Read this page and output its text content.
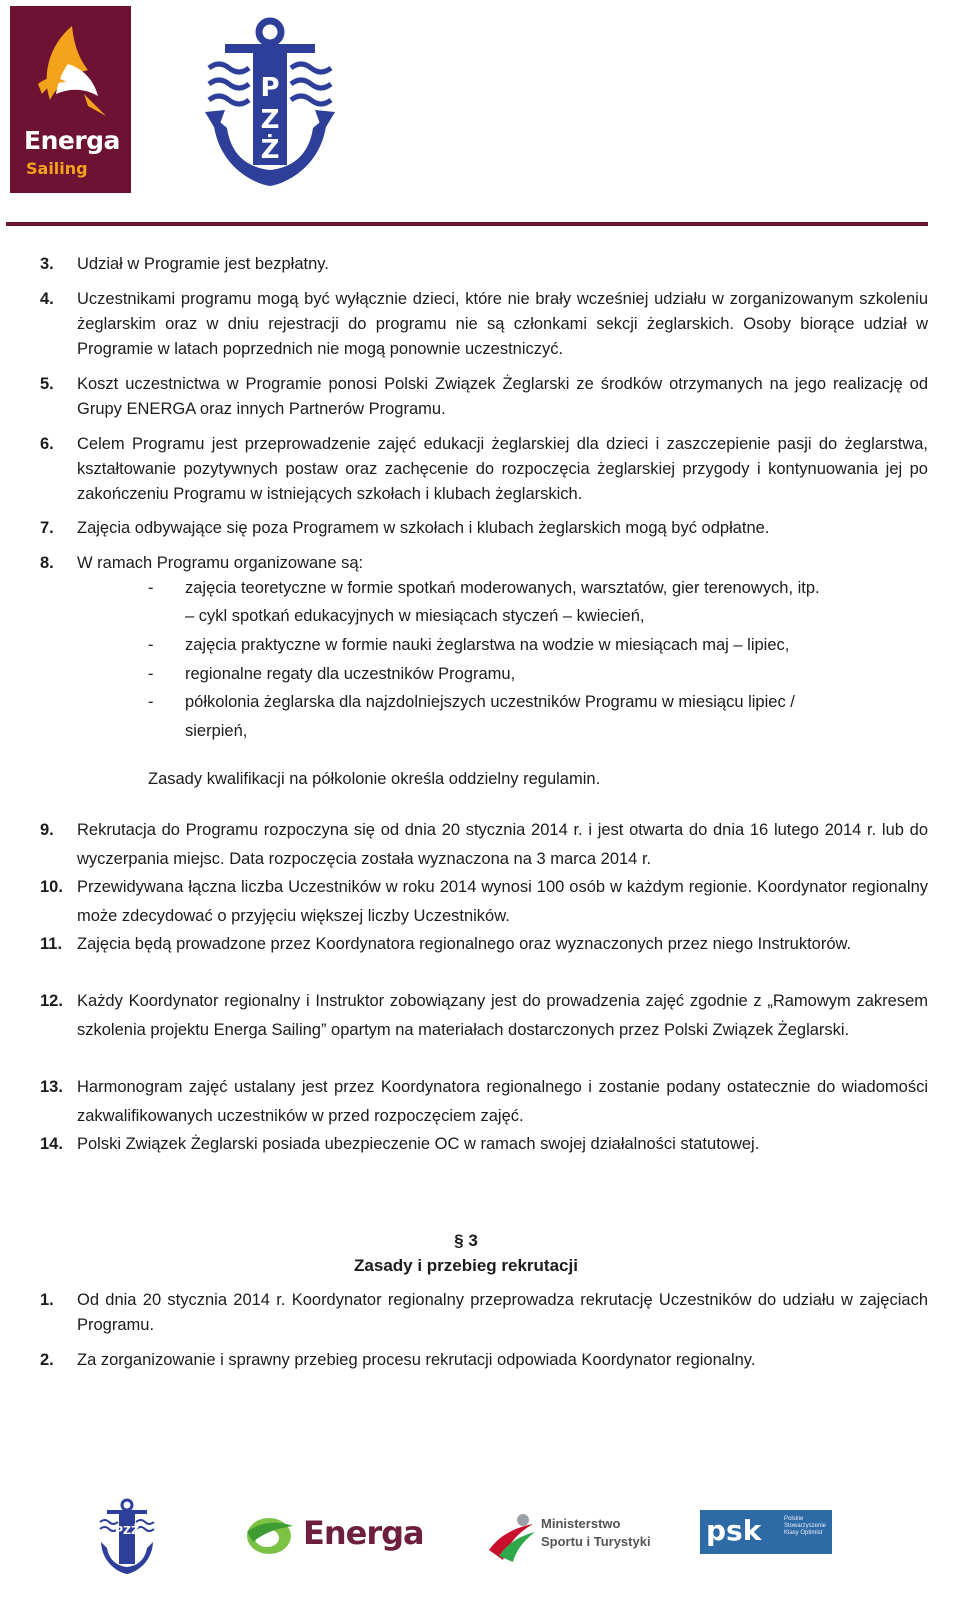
Energa
Sailing
P
Z
Ż
3. Udział w Programie jest bezpłatny.
4. Uczestnikami programu mogą być wyłącznie dzieci, które nie brały wcześniej udziału w zorganizowanym szkoleniu żeglarskim oraz w dniu rejestracji do programu nie są członkami sekcji żeglarskich. Osoby biorące udział w Programie w latach poprzednich nie mogą ponownie uczestniczyć.
5. Koszt uczestnictwa w Programie ponosi Polski Związek Żeglarski ze środków otrzymanych na jego realizację od Grupy ENERGA oraz innych Partnerów Programu.
6. Celem Programu jest przeprowadzenie zajęć edukacji żeglarskiej dla dzieci i zaszczepienie pasji do żeglarstwa, kształtowanie pozytywnych postaw oraz zachęcenie do rozpoczęcia żeglarskiej przygody i kontynuowania jej po zakończeniu Programu w istniejących szkołach i klubach żeglarskich.
7. Zajęcia odbywające się poza Programem w szkołach i klubach żeglarskich mogą być odpłatne.
8. W ramach Programu organizowane są:
- zajęcia teoretyczne w formie spotkań moderowanych, warsztatów, gier terenowych, itp.
– cykl spotkań edukacyjnych w miesiącach styczeń – kwiecień,
- zajęcia praktyczne w formie nauki żeglarstwa na wodzie w miesiącach maj – lipiec,
- regionalne regaty dla uczestników Programu,
- półkolonia żeglarska dla najzdolniejszych uczestników Programu w miesiącu lipiec /
sierpień,
Zasady kwalifikacji na półkolonie określa oddzielny regulamin.
9. Rekrutacja do Programu rozpoczyna się od dnia 20 stycznia 2014 r. i jest otwarta do dnia 16 lutego 2014 r. lub do wyczerpania miejsc. Data rozpoczęcia została wyznaczona na 3 marca 2014 r.
10. Przewidywana łączna liczba Uczestników w roku 2014 wynosi 100 osób w każdym regionie. Koordynator regionalny może zdecydować o przyjęciu większej liczby Uczestników.
11. Zajęcia będą prowadzone przez Koordynatora regionalnego oraz wyznaczonych przez niego Instruktorów.
12. Każdy Koordynator regionalny i Instruktor zobowiązany jest do prowadzenia zajęć zgodnie z „Ramowym zakresem szkolenia projektu Energa Sailing” opartym na materiałach dostarczonych przez Polski Związek Żeglarski.
13. Harmonogram zajęć ustalany jest przez Koordynatora regionalnego i zostanie podany ostatecznie do wiadomości zakwalifikowanych uczestników w przed rozpoczęciem zajęć.
14. Polski Związek Żeglarski posiada ubezpieczenie OC w ramach swojej działalności statutowej.
§ 3
Zasady i przebieg rekrutacji
1. Od dnia 20 stycznia 2014 r. Koordynator regionalny przeprowadza rekrutację Uczestników do udziału w zajęciach Programu.
2. Za zorganizowanie i sprawny przebieg procesu rekrutacji odpowiada Koordynator regionalny.
PZŻ	Energa	Ministerstwo
Sportu i Turystyki psk	Polskie Stowarzyszenie Klasy Optimist
